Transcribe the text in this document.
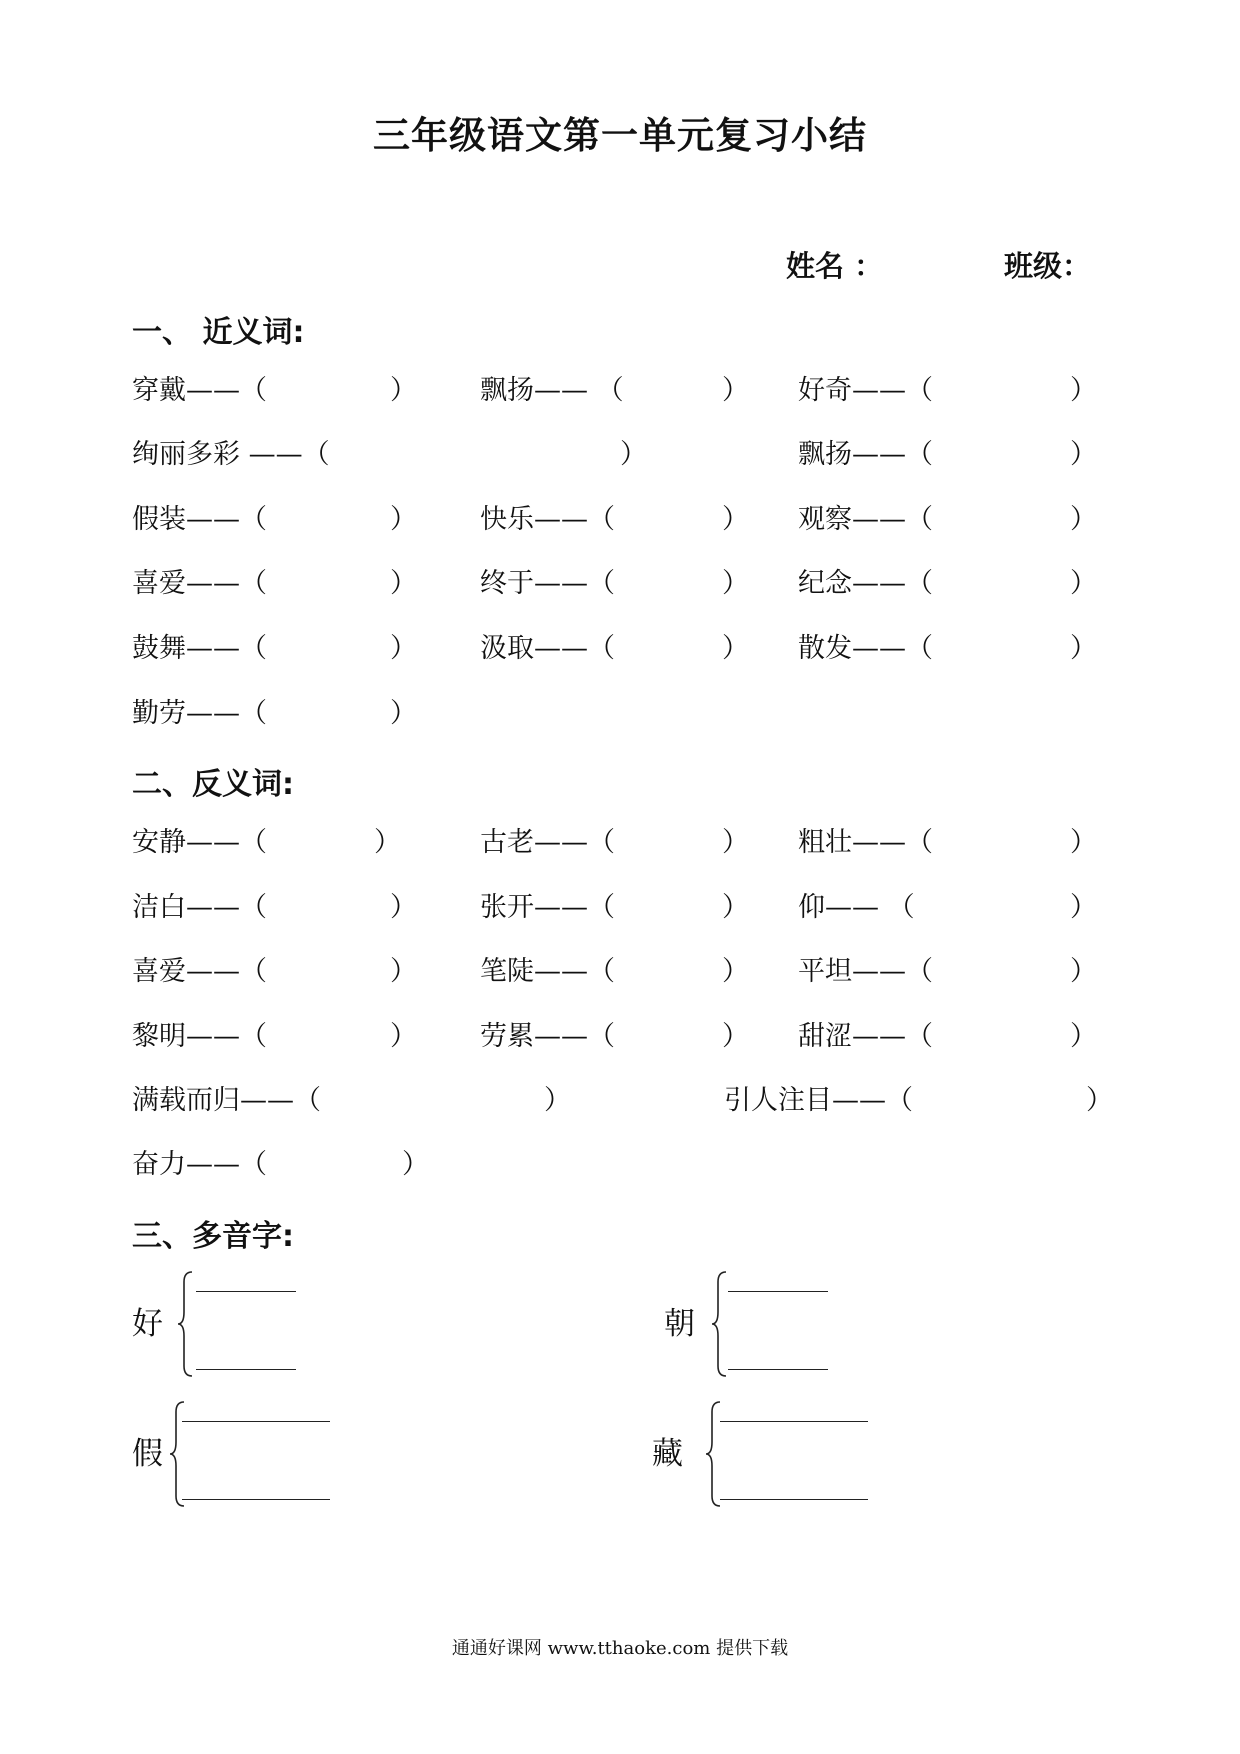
三年级语文第一单元复习小结
姓名 ：	班级：
一、 近义词:
穿戴——（	） 飘扬—— （	） 好奇——（	）
绚丽多彩 ——（	）	飘扬——（	）
假装——（	） 快乐——（	） 观察——（	）
喜爱——（	） 终于——（	） 纪念——（	）
鼓舞——（	） 汲取——（	） 散发——（	）
勤劳——（	）
二、反义词:
安静——（	）	古老——（	） 粗壮——（	）
洁白——（	） 张开——（	） 仰—— （	）
喜爱——（	） 笔陡——（	） 平坦——（	）
黎明——（	） 劳累——（	） 甜涩——（	）
满载而归——（	）	引人注目——（	）
奋力——（	）
三、多音字:
好	朝
假	藏
通通好课网 www.tthaoke.com 提供下载
